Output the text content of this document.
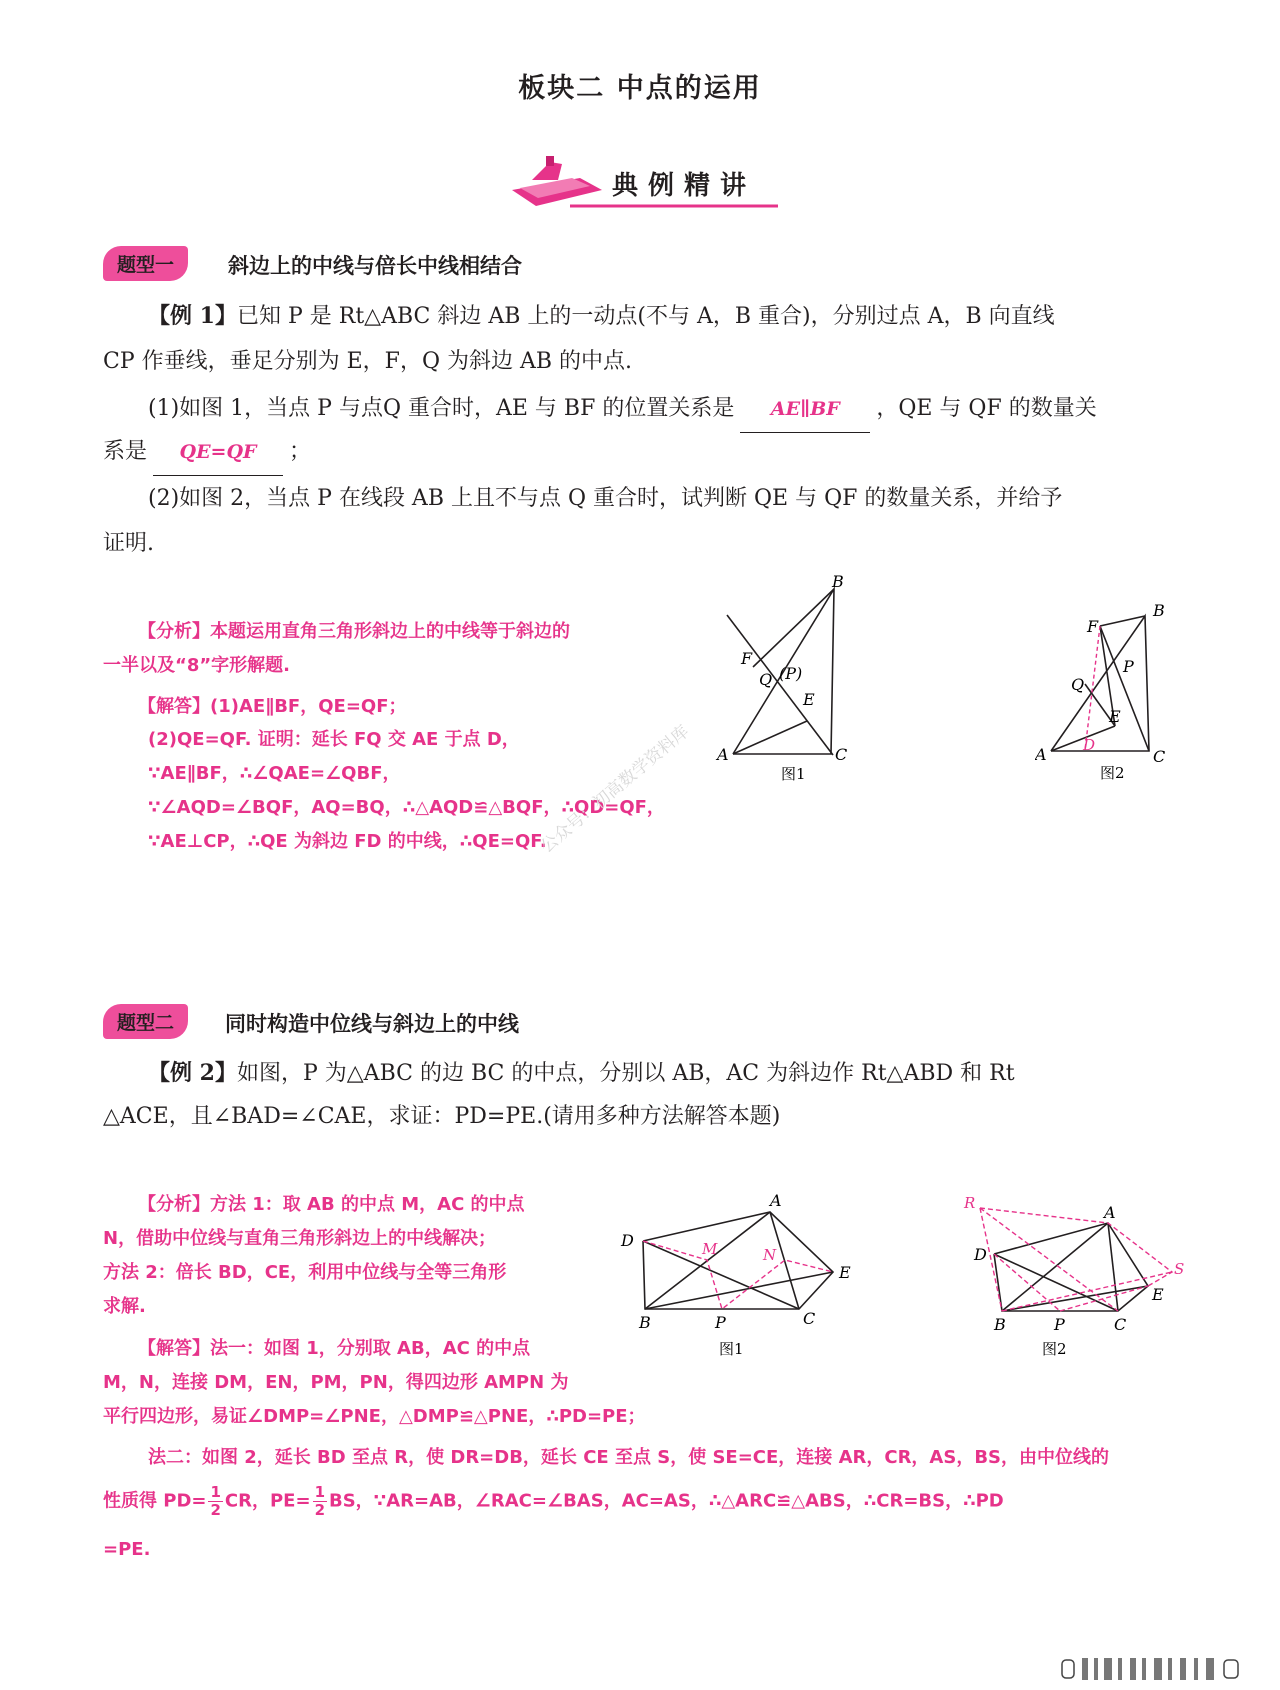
板块二 中点的运用
典例精讲
题型一	斜边上的中线与倍长中线相结合
【例 1】已知 P 是 Rt△ABC 斜边 AB 上的一动点(不与 A，B 重合)，分别过点 A，B 向直线
CP 作垂线，垂足分别为 E，F，Q 为斜边 AB 的中点.
(1)如图 1，当点 P 与点Q 重合时，AE 与 BF 的位置关系是 AE∥BF ，QE 与 QF 的数量关
系是 QE=QF ；
(2)如图 2，当点 P 在线段 AB 上且不与点 Q 重合时，试判断 QE 与 QF 的数量关系，并给予
证明.
【分析】本题运用直角三角形斜边上的中线等于斜边的
一半以及“8”字形解题.
【解答】(1)AE∥BF，QE=QF；
(2)QE=QF. 证明：延长 FQ 交 AE 于点 D，
∵AE∥BF，∴∠QAE=∠QBF，
∵∠AQD=∠BQF，AQ=BQ，∴△AQD≌△BQF，∴QD=QF，
∵AE⊥CP，∴QE 为斜边 FD 的中线，∴QE=QF.
B
A	C
E
F
Q (P)
图1
B
F
P
Q
E
A D
C
图2
公众号：初高数学资料库
题型二	同时构造中位线与斜边上的中线
【例 2】如图，P 为△ABC 的边 BC 的中点，分别以 AB，AC 为斜边作 Rt△ABD 和 Rt
△ACE，且∠BAD=∠CAE，求证：PD=PE.(请用多种方法解答本题)
【分析】方法 1：取 AB 的中点 M，AC 的中点
N，借助中位线与直角三角形斜边上的中线解决；
方法 2：倍长 BD，CE，利用中位线与全等三角形
求解.
【解答】法一：如图 1，分别取 AB，AC 的中点
M，N，连接 DM，EN，PM，PN，得四边形 AMPN 为
平行四边形，易证∠DMP=∠PNE，△DMP≌△PNE，∴PD=PE；
法二：如图 2，延长 BD 至点 R，使 DR=DB，延长 CE 至点 S，使 SE=CE，连接 AR，CR，AS，BS，由中位线的
性质得 $PD= \frac{1}{2}$ CR，$PE= \frac{1}{2}$ BS，∵AR=AB，∠RAC=∠BAS，AC=AS，∴△ARC≌△ABS，∴CR=BS，∴PD
=PE.
A
D	M	N
E
B	P	C
图1
R	A
D
S
E
B	P	C
图2
